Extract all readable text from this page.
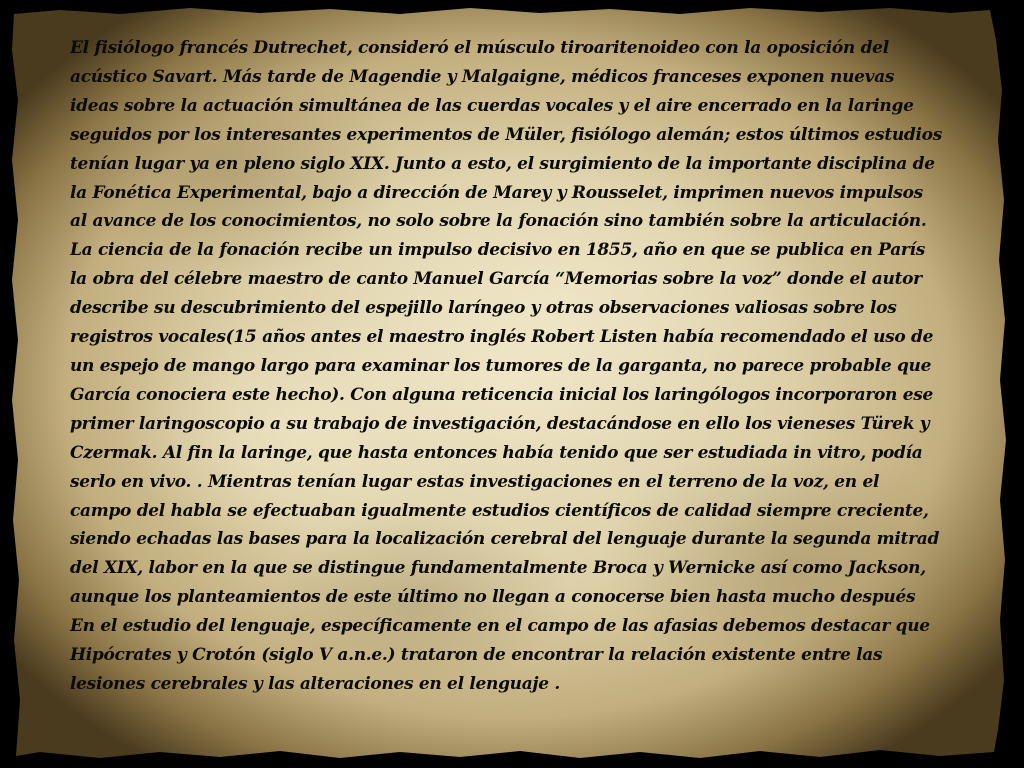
El fisiólogo francés Dutrechet, consideró el músculo tiroaritenoideo con la oposición del acústico Savart. Más tarde de Magendie y Malgaigne, médicos franceses exponen nuevas ideas sobre la actuación simultánea de las cuerdas vocales y el aire encerrado en la laringe seguidos por los interesantes experimentos de Müler, fisiólogo alemán; estos últimos estudios tenían lugar ya en pleno siglo XIX. Junto a esto, el surgimiento de la importante disciplina de la Fonética Experimental, bajo a dirección de Marey y Rousselet, imprimen nuevos impulsos al avance de los conocimientos, no solo sobre la fonación sino también sobre la articulación. La ciencia de la fonación recibe un impulso decisivo en 1855, año en que se publica en París la obra del célebre maestro de canto Manuel García “Memorias sobre la voz” donde el autor describe su descubrimiento del espejillo laríngeo y otras observaciones valiosas sobre los registros vocales(15 años antes el maestro inglés Robert Listen había recomendado el uso de un espejo de mango largo para examinar los tumores de la garganta, no parece probable que García conociera este hecho). Con alguna reticencia inicial los laringólogos incorporaron ese primer laringoscopio a su trabajo de investigación, destacándose en ello los vieneses Türek y Czermak. Al fin la laringe, que hasta entonces había tenido que ser estudiada in vitro, podía serlo en vivo. . Mientras tenían lugar estas investigaciones en el terreno de la voz, en el campo del habla se efectuaban igualmente estudios científicos de calidad siempre creciente, siendo echadas las bases para la localización cerebral del lenguaje durante la segunda mitrad del XIX, labor en la que se distingue fundamentalmente Broca y Wernicke así como Jackson, aunque los planteamientos de este último no llegan a conocerse bien hasta mucho después En el estudio del lenguaje, específicamente en el campo de las afasias debemos destacar que Hipócrates y Crotón (siglo V a.n.e.) trataron de encontrar la relación existente entre las lesiones cerebrales y las alteraciones en el lenguaje .
